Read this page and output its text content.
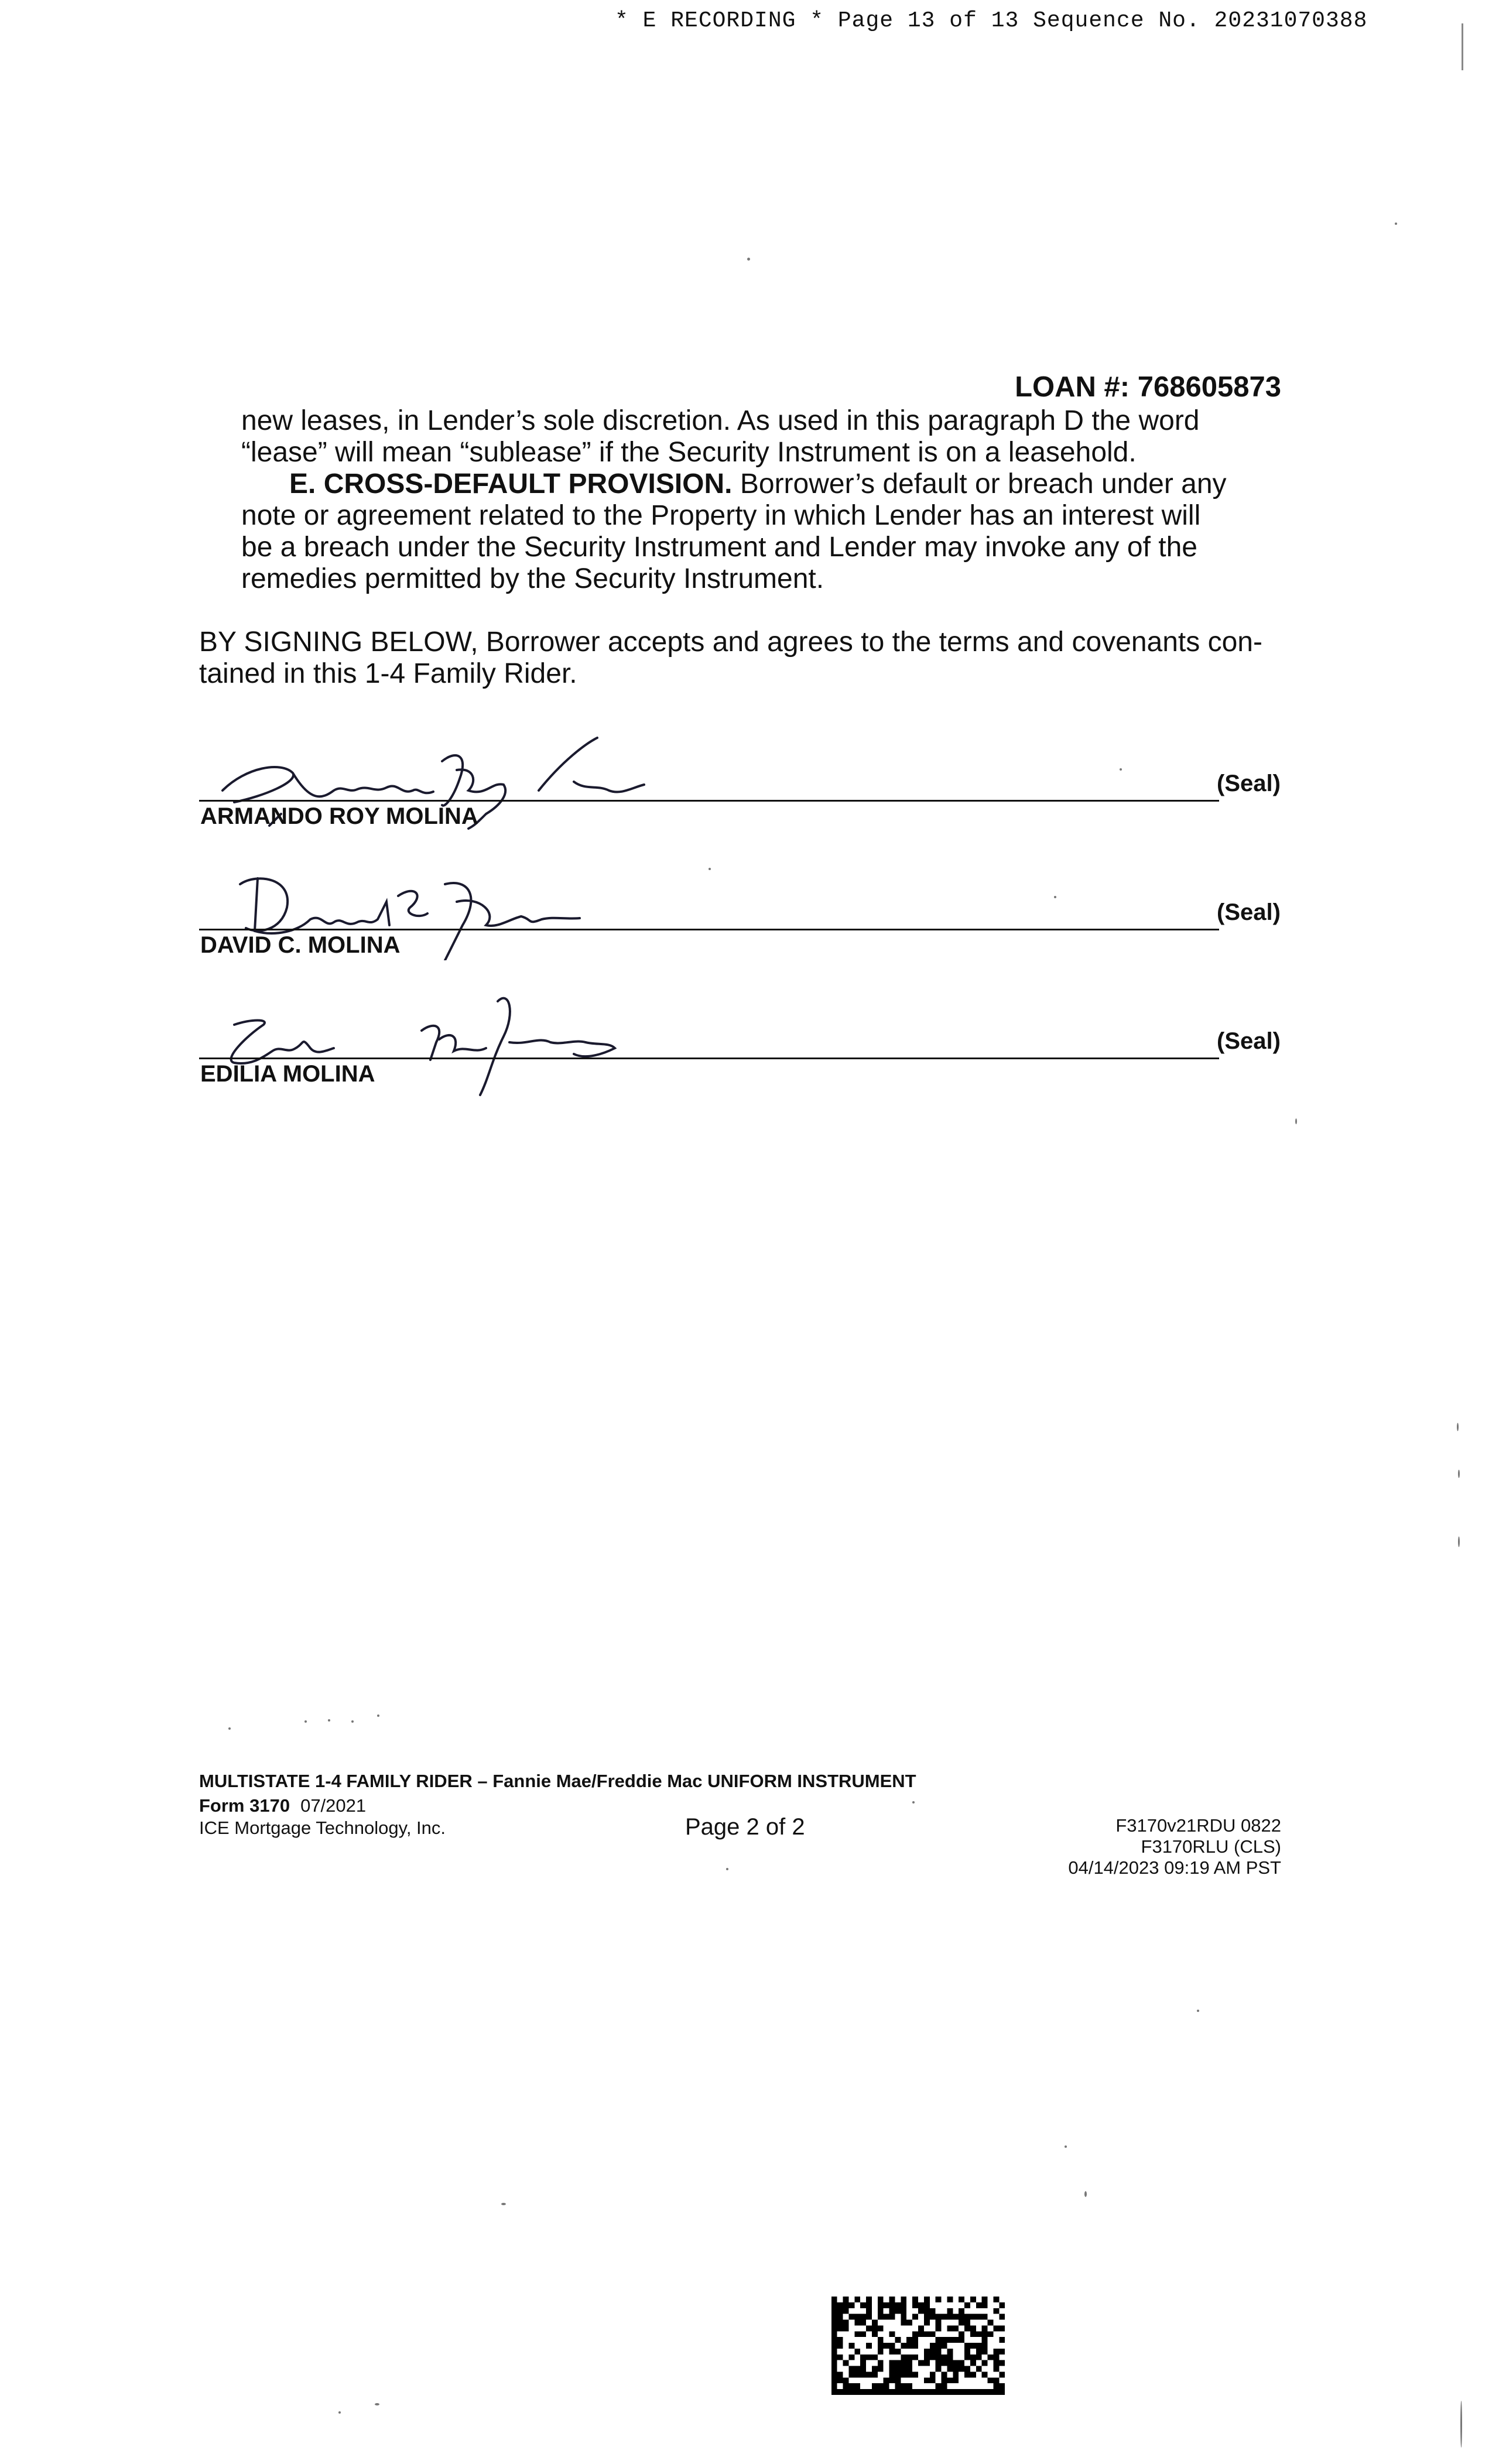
* E RECORDING * Page 13 of 13 Sequence No. 20231070388
LOAN #: 768605873
new leases, in Lender’s sole discretion. As used in this paragraph D the word
“lease” will mean “sublease” if the Security Instrument is on a leasehold.
E. CROSS-DEFAULT PROVISION. Borrower’s default or breach under any
note or agreement related to the Property in which Lender has an interest will
be a breach under the Security Instrument and Lender may invoke any of the
remedies permitted by the Security Instrument.
BY SIGNING BELOW, Borrower accepts and agrees to the terms and covenants con-
tained in this 1-4 Family Rider.
(Seal)
ARMANDO ROY MOLINA
(Seal)
DAVID C. MOLINA
(Seal)
EDILIA MOLINA
MULTISTATE 1-4 FAMILY RIDER – Fannie Mae/Freddie Mac UNIFORM INSTRUMENT
Form 3170 07/2021
ICE Mortgage Technology, Inc.	Page 2 of 2	F3170v21RDU 0822
F3170RLU (CLS)
04/14/2023 09:19 AM PST
